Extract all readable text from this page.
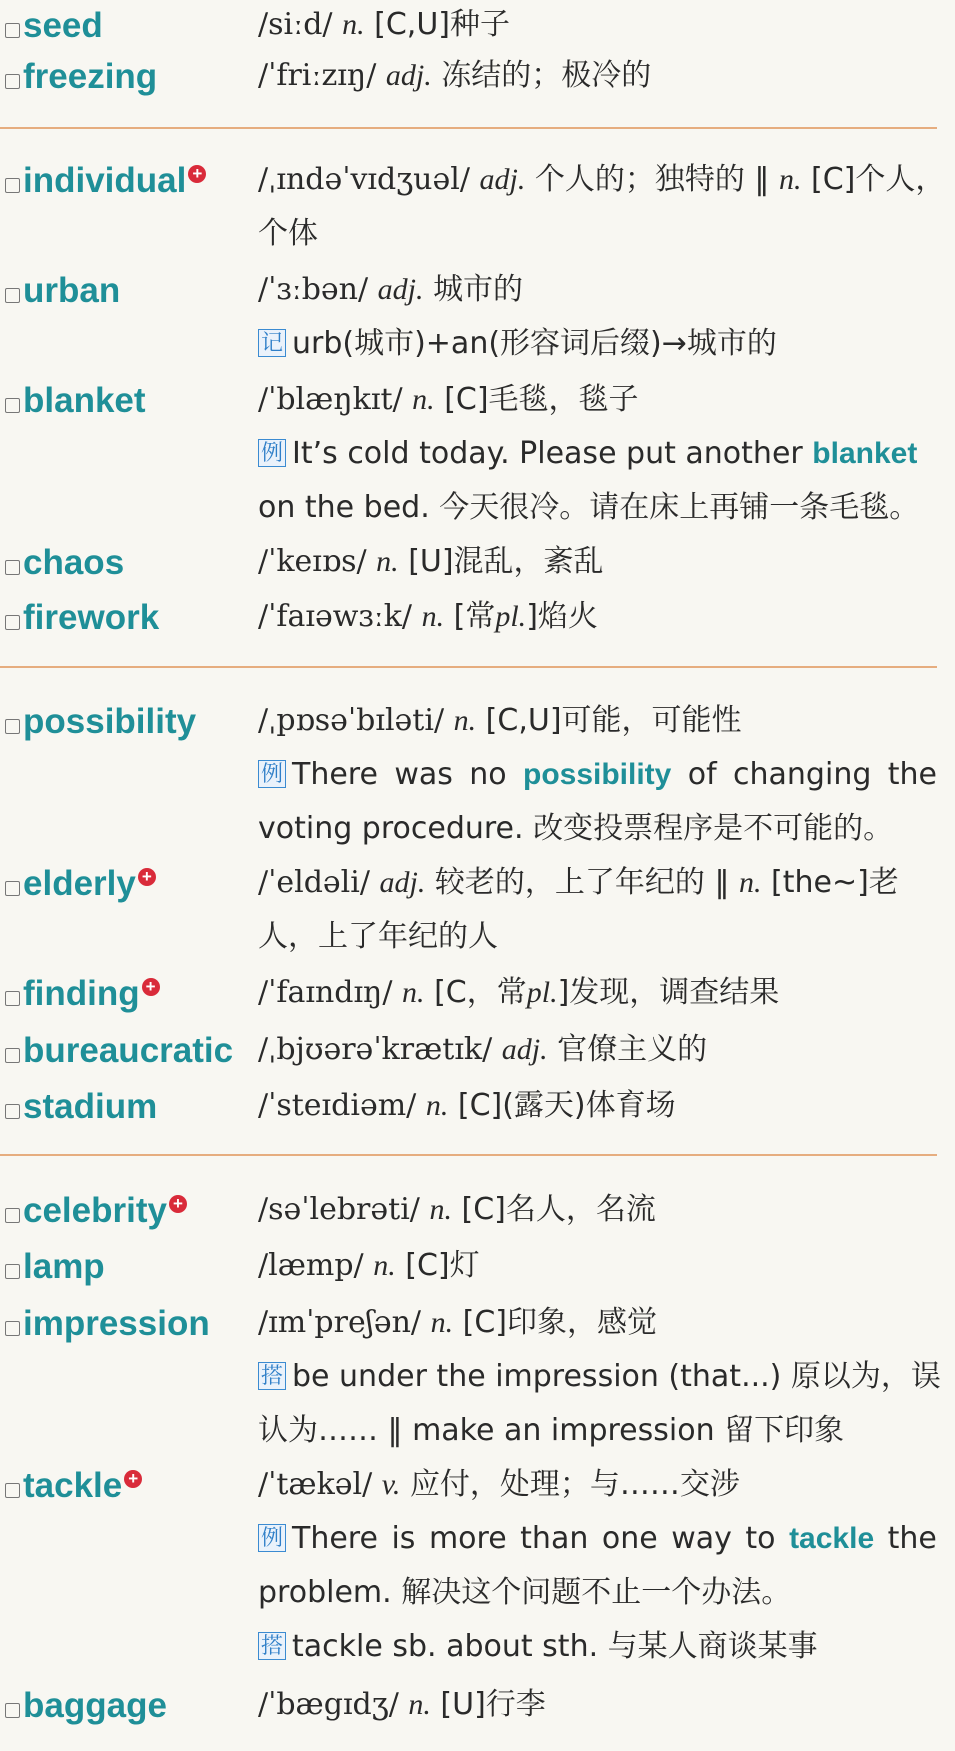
seed	/siːd/ n. [C,U]种子
freezing	/ˈfriːzɪŋ/ adj. 冻结的；极冷的
individual + /ˌɪndəˈvɪdʒuəl/ adj. 个人的；独特的 ‖ n. [C]个人，
个体
urban	/ˈɜːbən/ adj. 城市的
记 urb(城市)+an(形容词后缀)→城市的
blanket	/ˈblæŋkɪt/ n. [C]毛毯，毯子
例 It’s cold today. Please put another blanket
on the bed. 今天很冷。请在床上再铺一条毛毯。
chaos	/ˈkeɪɒs/ n. [U]混乱，紊乱
firework	/ˈfaɪəwɜːk/ n. [常pl.]焰火
possibility /ˌpɒsəˈbɪləti/ n. [C,U]可能，可能性
例 There was no possibility of changing the
voting procedure. 改变投票程序是不可能的。
elderly +	/ˈeldəli/ adj. 较老的，上了年纪的 ‖ n. [the~]老
人，上了年纪的人
finding +	/ˈfaɪndɪŋ/ n. [C，常pl.]发现，调查结果
bureaucratic /ˌbjʊərəˈkrætɪk/ adj. 官僚主义的
stadium	/ˈsteɪdiəm/ n. [C](露天)体育场
celebrity +	/səˈlebrəti/ n. [C]名人，名流
lamp	/læmp/ n. [C]灯
impression /ɪmˈpreʃən/ n. [C]印象，感觉
搭 be under the impression (that...) 原以为，误
认为…… ‖ make an impression 留下印象
tackle +	/ˈtækəl/ v. 应付，处理；与……交涉
例 There is more than one way to tackle the
problem. 解决这个问题不止一个办法。
搭 tackle sb. about sth. 与某人商谈某事
baggage	/ˈbægɪdʒ/ n. [U]行李
